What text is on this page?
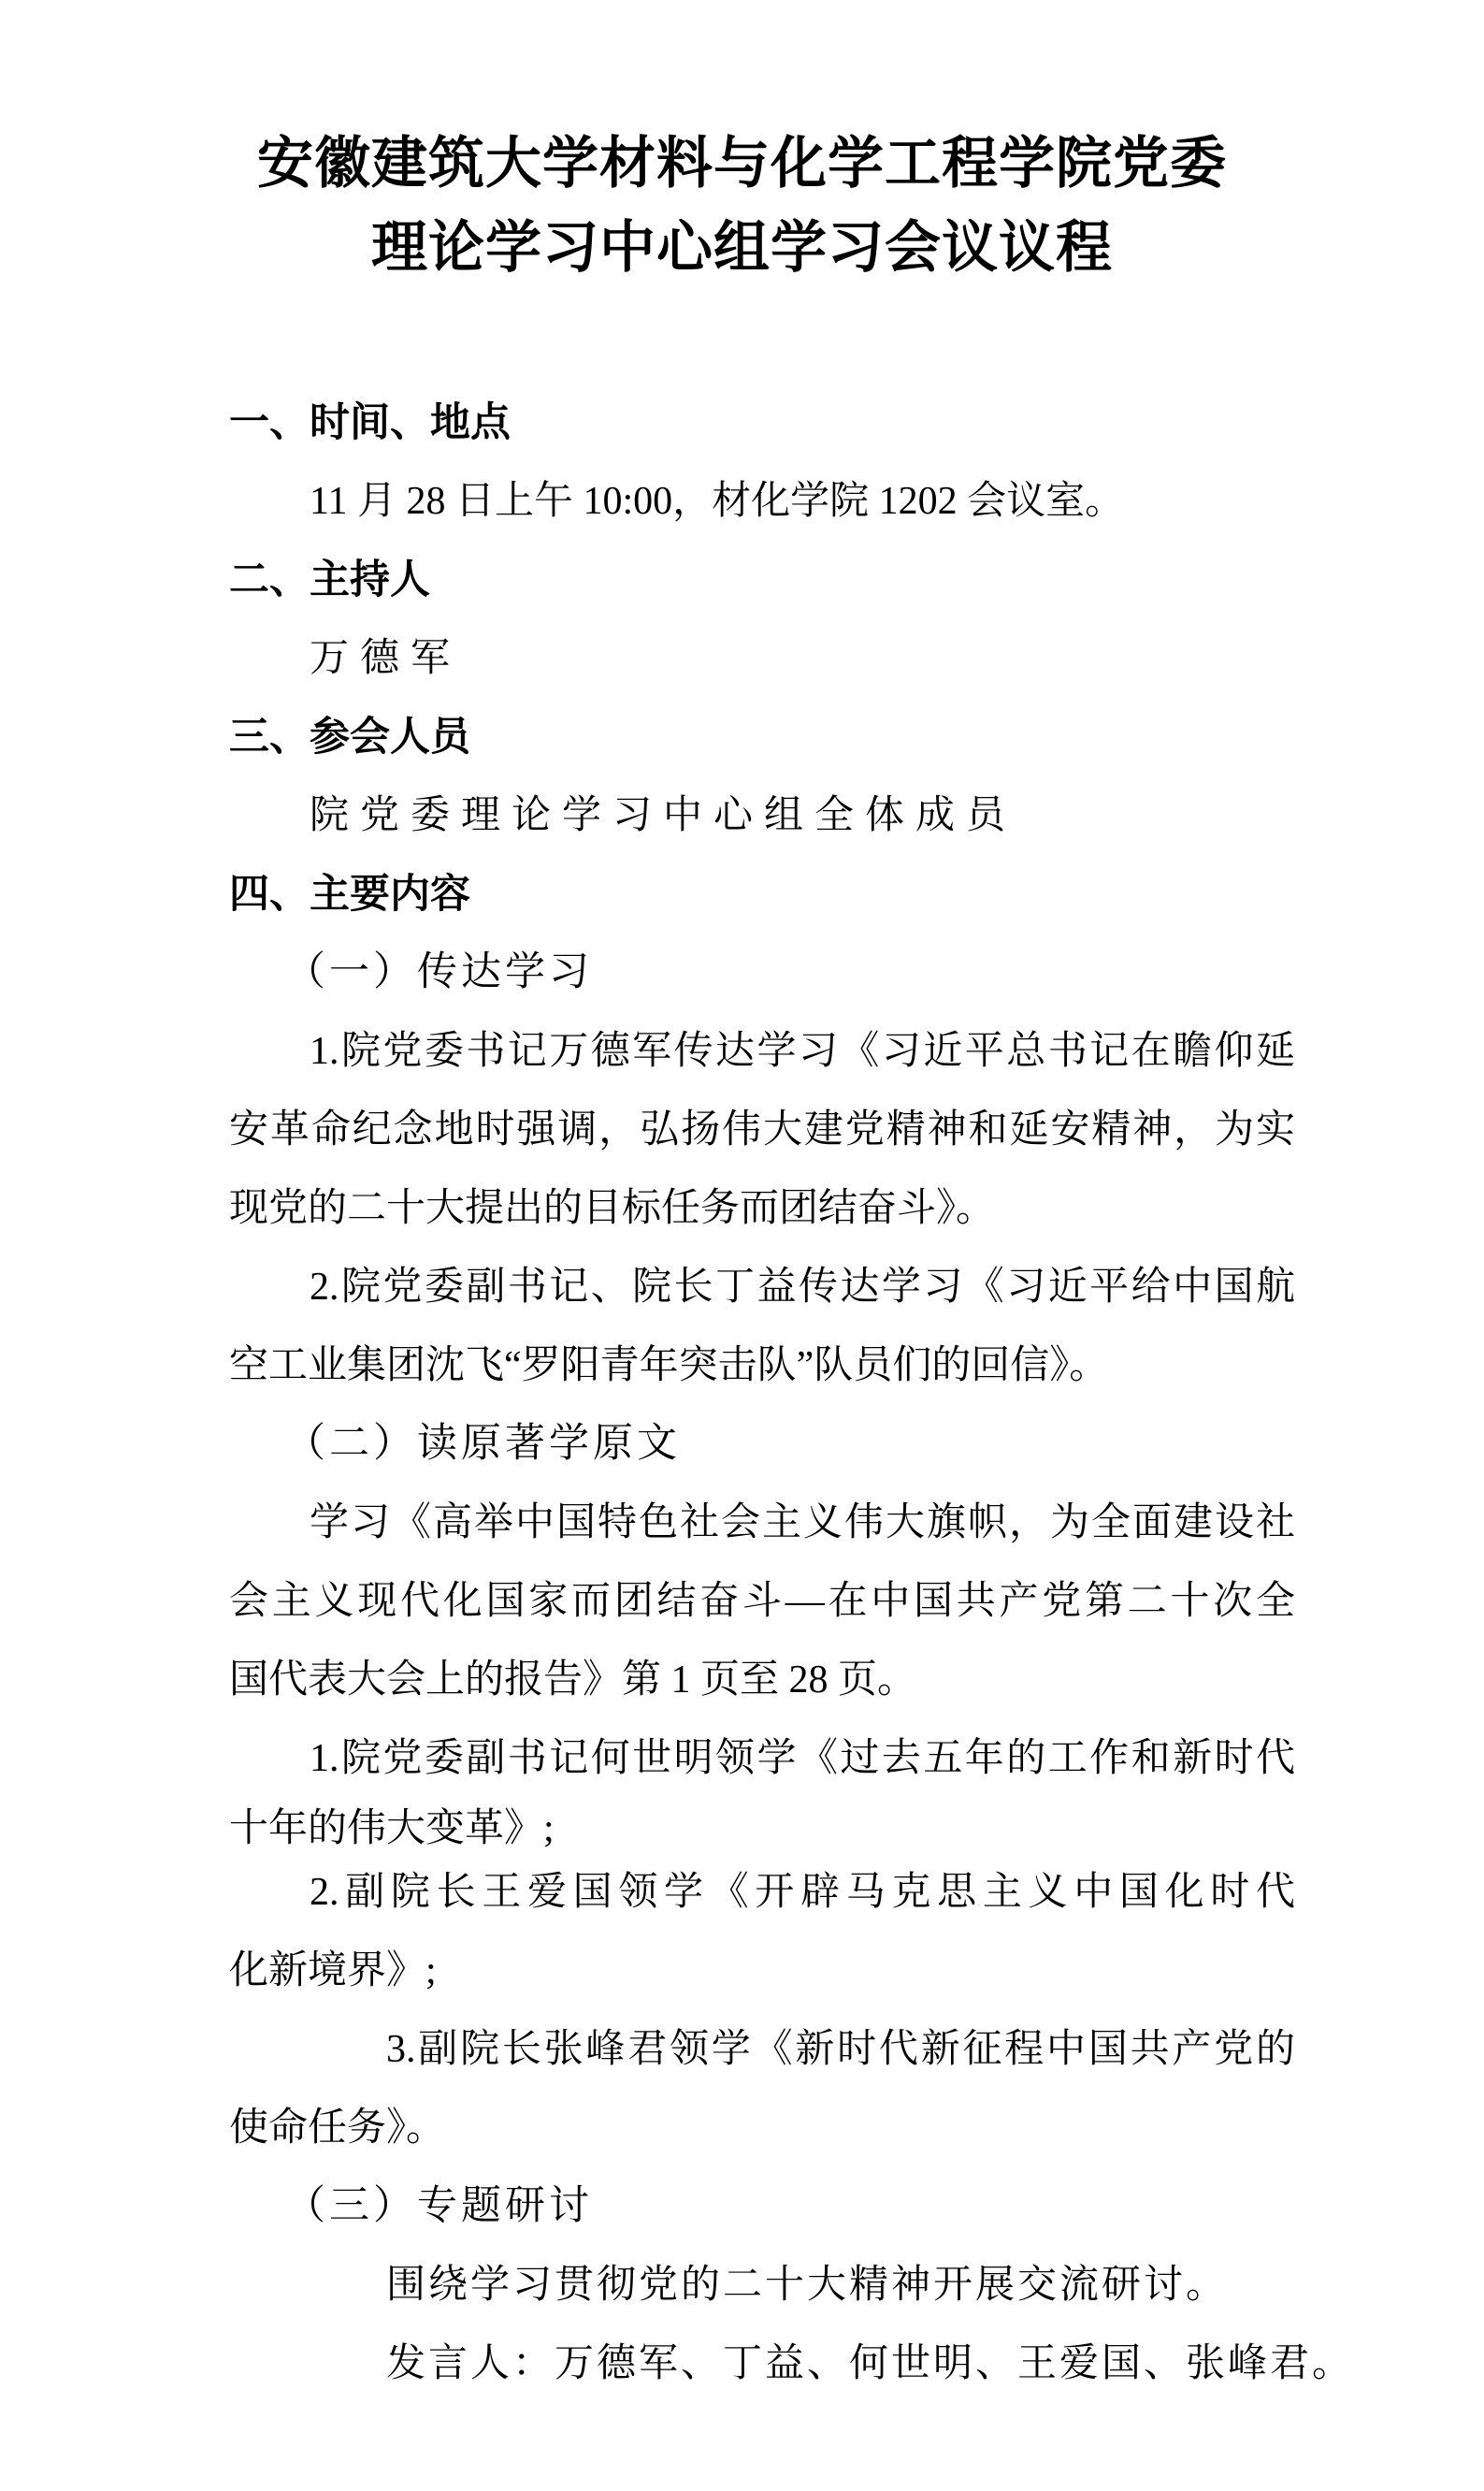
安徽建筑大学材料与化学工程学院党委
理论学习中心组学习会议议程
一、时间、地点
11 月 28 日上午 10:00，材化学院 1202 会议室。
二、主持人
万德军
三、参会人员
院党委理论学习中心组全体成员
四、主要内容
（一）传达学习
1.院党委书记万德军传达学习《习近平总书记在瞻仰延
安革命纪念地时强调，弘扬伟大建党精神和延安精神，为实
现党的二十大提出的目标任务而团结奋斗》。
2.院党委副书记、院长丁益传达学习《习近平给中国航
空工业集团沈飞“罗阳青年突击队”队员们的回信》。
（二）读原著学原文
学习《高举中国特色社会主义伟大旗帜，为全面建设社
会主义现代化国家而团结奋斗—在中国共产党第二十次全
国代表大会上的报告》第 1 页至 28 页。
1.院党委副书记何世明领学《过去五年的工作和新时代
十年的伟大变革》;
2.副院长王爱国领学《开辟马克思主义中国化时代
化新境界》;
3.副院长张峰君领学《新时代新征程中国共产党的
使命任务》。
（三）专题研讨
围绕学习贯彻党的二十大精神开展交流研讨。
发言人：万德军、丁益、何世明、王爱国、张峰君。
